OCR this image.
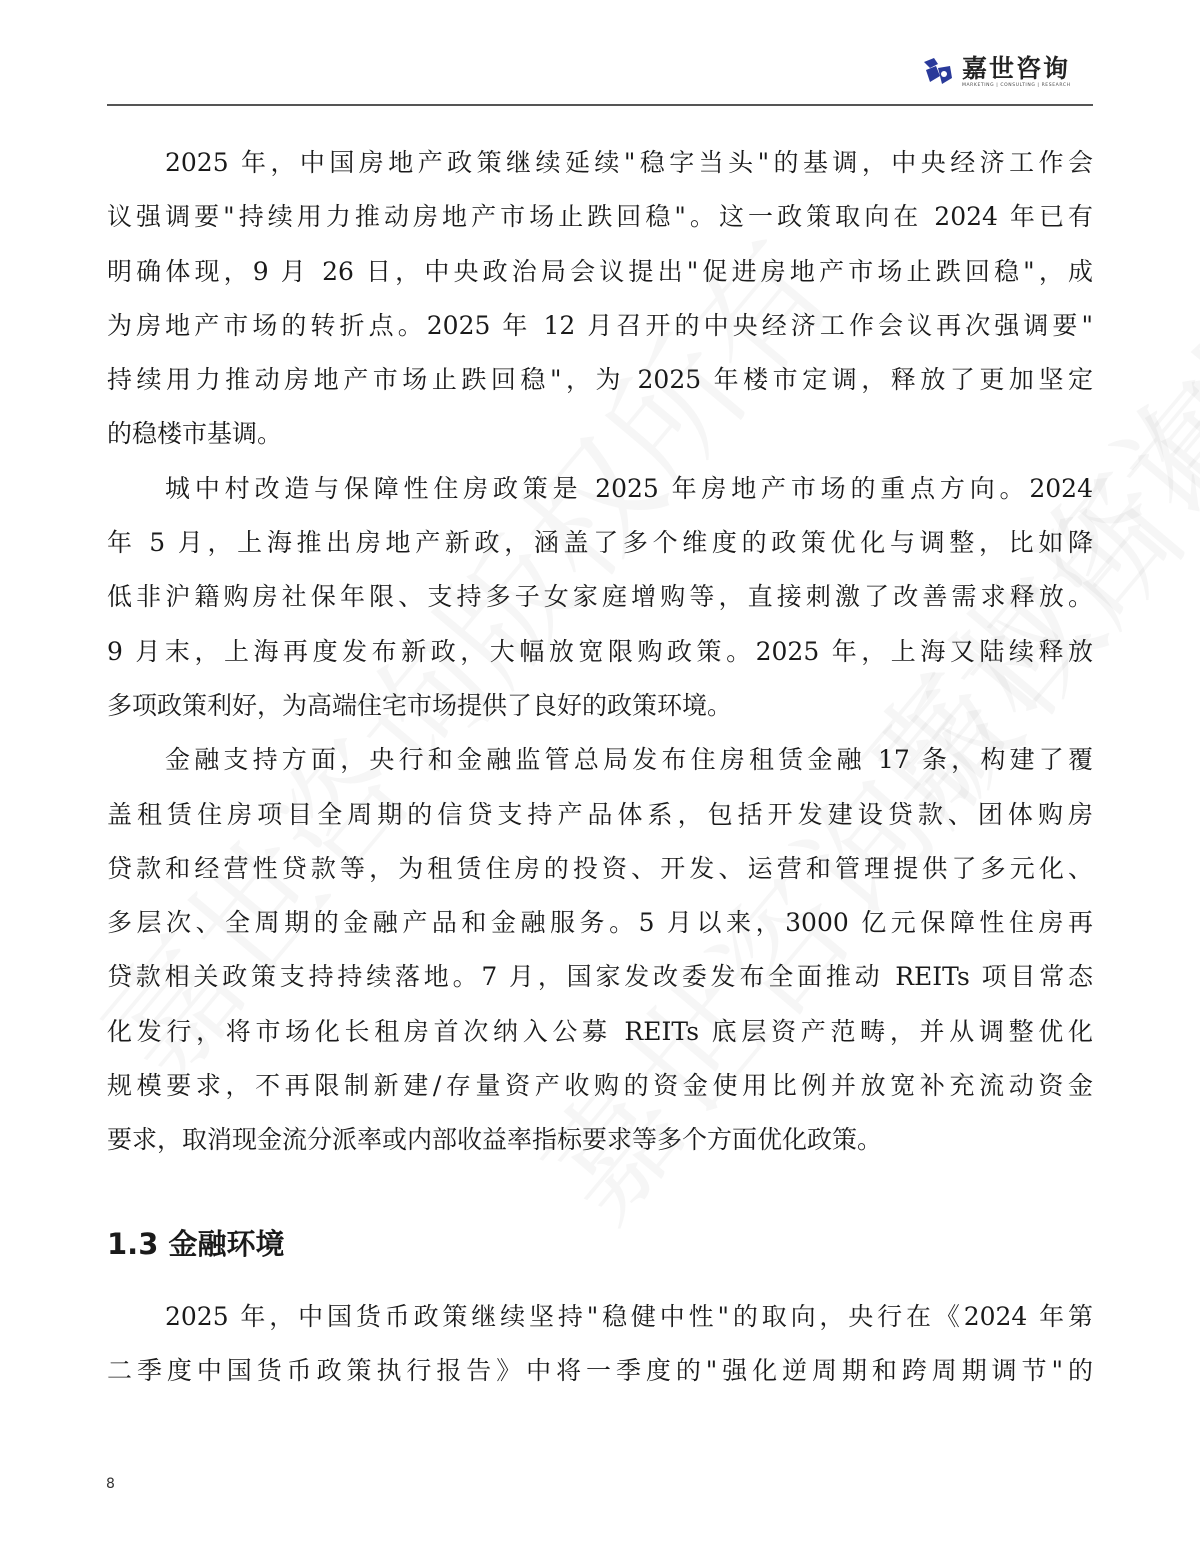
嘉世咨询
MARKETING | CONSULTING | RESEARCH
2025 年，中国房地产政策继续延续"稳字当头"的基调，中央经济工作会
议强调要"持续用力推动房地产市场止跌回稳"。这一政策取向在 2024 年已有
明确体现，9 月 26 日，中央政治局会议提出"促进房地产市场止跌回稳"，成
为房地产市场的转折点。2025 年 12 月召开的中央经济工作会议再次强调要"
持续用力推动房地产市场止跌回稳"，为 2025 年楼市定调，释放了更加坚定
的稳楼市基调。
城中村改造与保障性住房政策是 2025 年房地产市场的重点方向。2024
年 5 月，上海推出房地产新政，涵盖了多个维度的政策优化与调整，比如降
低非沪籍购房社保年限、支持多子女家庭增购等，直接刺激了改善需求释放。
9 月末，上海再度发布新政，大幅放宽限购政策。2025 年，上海又陆续释放
多项政策利好，为高端住宅市场提供了良好的政策环境。
金融支持方面，央行和金融监管总局发布住房租赁金融 17 条，构建了覆
盖租赁住房项目全周期的信贷支持产品体系，包括开发建设贷款、团体购房
贷款和经营性贷款等，为租赁住房的投资、开发、运营和管理提供了多元化、
多层次、全周期的金融产品和金融服务。5 月以来，3000 亿元保障性住房再
贷款相关政策支持持续落地。7 月，国家发改委发布全面推动 REITs 项目常态
化发行，将市场化长租房首次纳入公募 REITs 底层资产范畴，并从调整优化
规模要求，不再限制新建/存量资产收购的资金使用比例并放宽补充流动资金
要求，取消现金流分派率或内部收益率指标要求等多个方面优化政策。
1.3 金融环境
2025 年，中国货币政策继续坚持"稳健中性"的取向，央行在《2024 年第
二季度中国货币政策执行报告》中将一季度的"强化逆周期和跨周期调节"的
8
